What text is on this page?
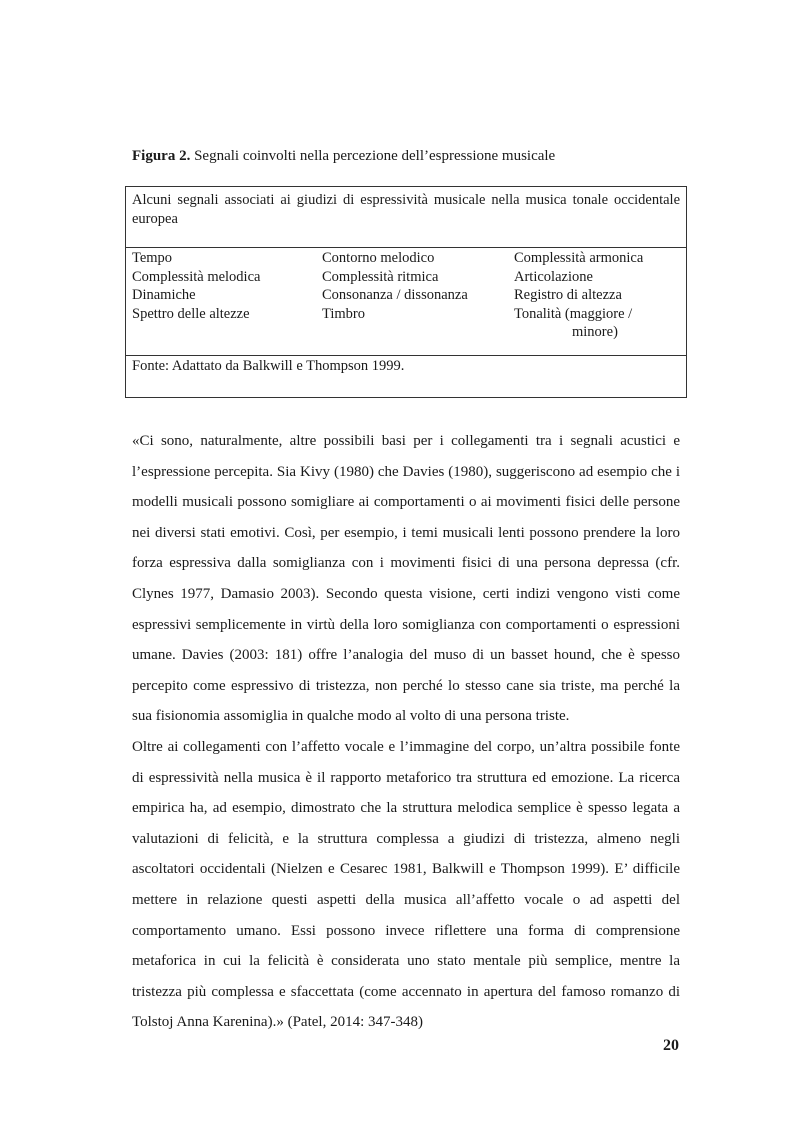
Figura 2. Segnali coinvolti nella percezione dell’espressione musicale
Alcuni segnali associati ai giudizi di espressività musicale nella musica tonale occidentale europea
Tempo
Complessità melodica
Dinamiche
Spettro delle altezze
Contorno melodico
Complessità ritmica
Consonanza / dissonanza
Timbro
Complessità armonica
Articolazione
Registro di altezza
Tonalità (maggiore /
minore)
Fonte: Adattato da Balkwill e Thompson 1999.

«Ci sono, naturalmente, altre possibili basi per i collegamenti tra i segnali acustici e l’espressione percepita. Sia Kivy (1980) che Davies (1980), suggeriscono ad esempio che i modelli musicali possono somigliare ai comportamenti o ai movimenti fisici delle persone nei diversi stati emotivi. Così, per esempio, i temi musicali lenti possono prendere la loro forza espressiva dalla somiglianza con i movimenti fisici di una persona depressa (cfr. Clynes 1977, Damasio 2003). Secondo questa visione, certi indizi vengono visti come espressivi semplicemente in virtù della loro somiglianza con comportamenti o espressioni umane. Davies (2003: 181) offre l’analogia del muso di un basset hound, che è spesso percepito come espressivo di tristezza, non perché lo stesso cane sia triste, ma perché la sua fisionomia assomiglia in qualche modo al volto di una persona triste.

Oltre ai collegamenti con l’affetto vocale e l’immagine del corpo, un’altra possibile fonte di espressività nella musica è il rapporto metaforico tra struttura ed emozione. La ricerca empirica ha, ad esempio, dimostrato che la struttura melodica semplice è spesso legata a valutazioni di felicità, e la struttura complessa a giudizi di tristezza, almeno negli ascoltatori occidentali (Nielzen e Cesarec 1981, Balkwill e Thompson 1999). E’ difficile mettere in relazione questi aspetti della musica all’affetto vocale o ad aspetti del comportamento umano. Essi possono invece riflettere una forma di comprensione metaforica in cui la felicità è considerata uno stato mentale più semplice, mentre la tristezza più complessa e sfaccettata (come accennato in apertura del famoso romanzo di Tolstoj Anna Karenina).» (Patel, 2014: 347-348)

20
